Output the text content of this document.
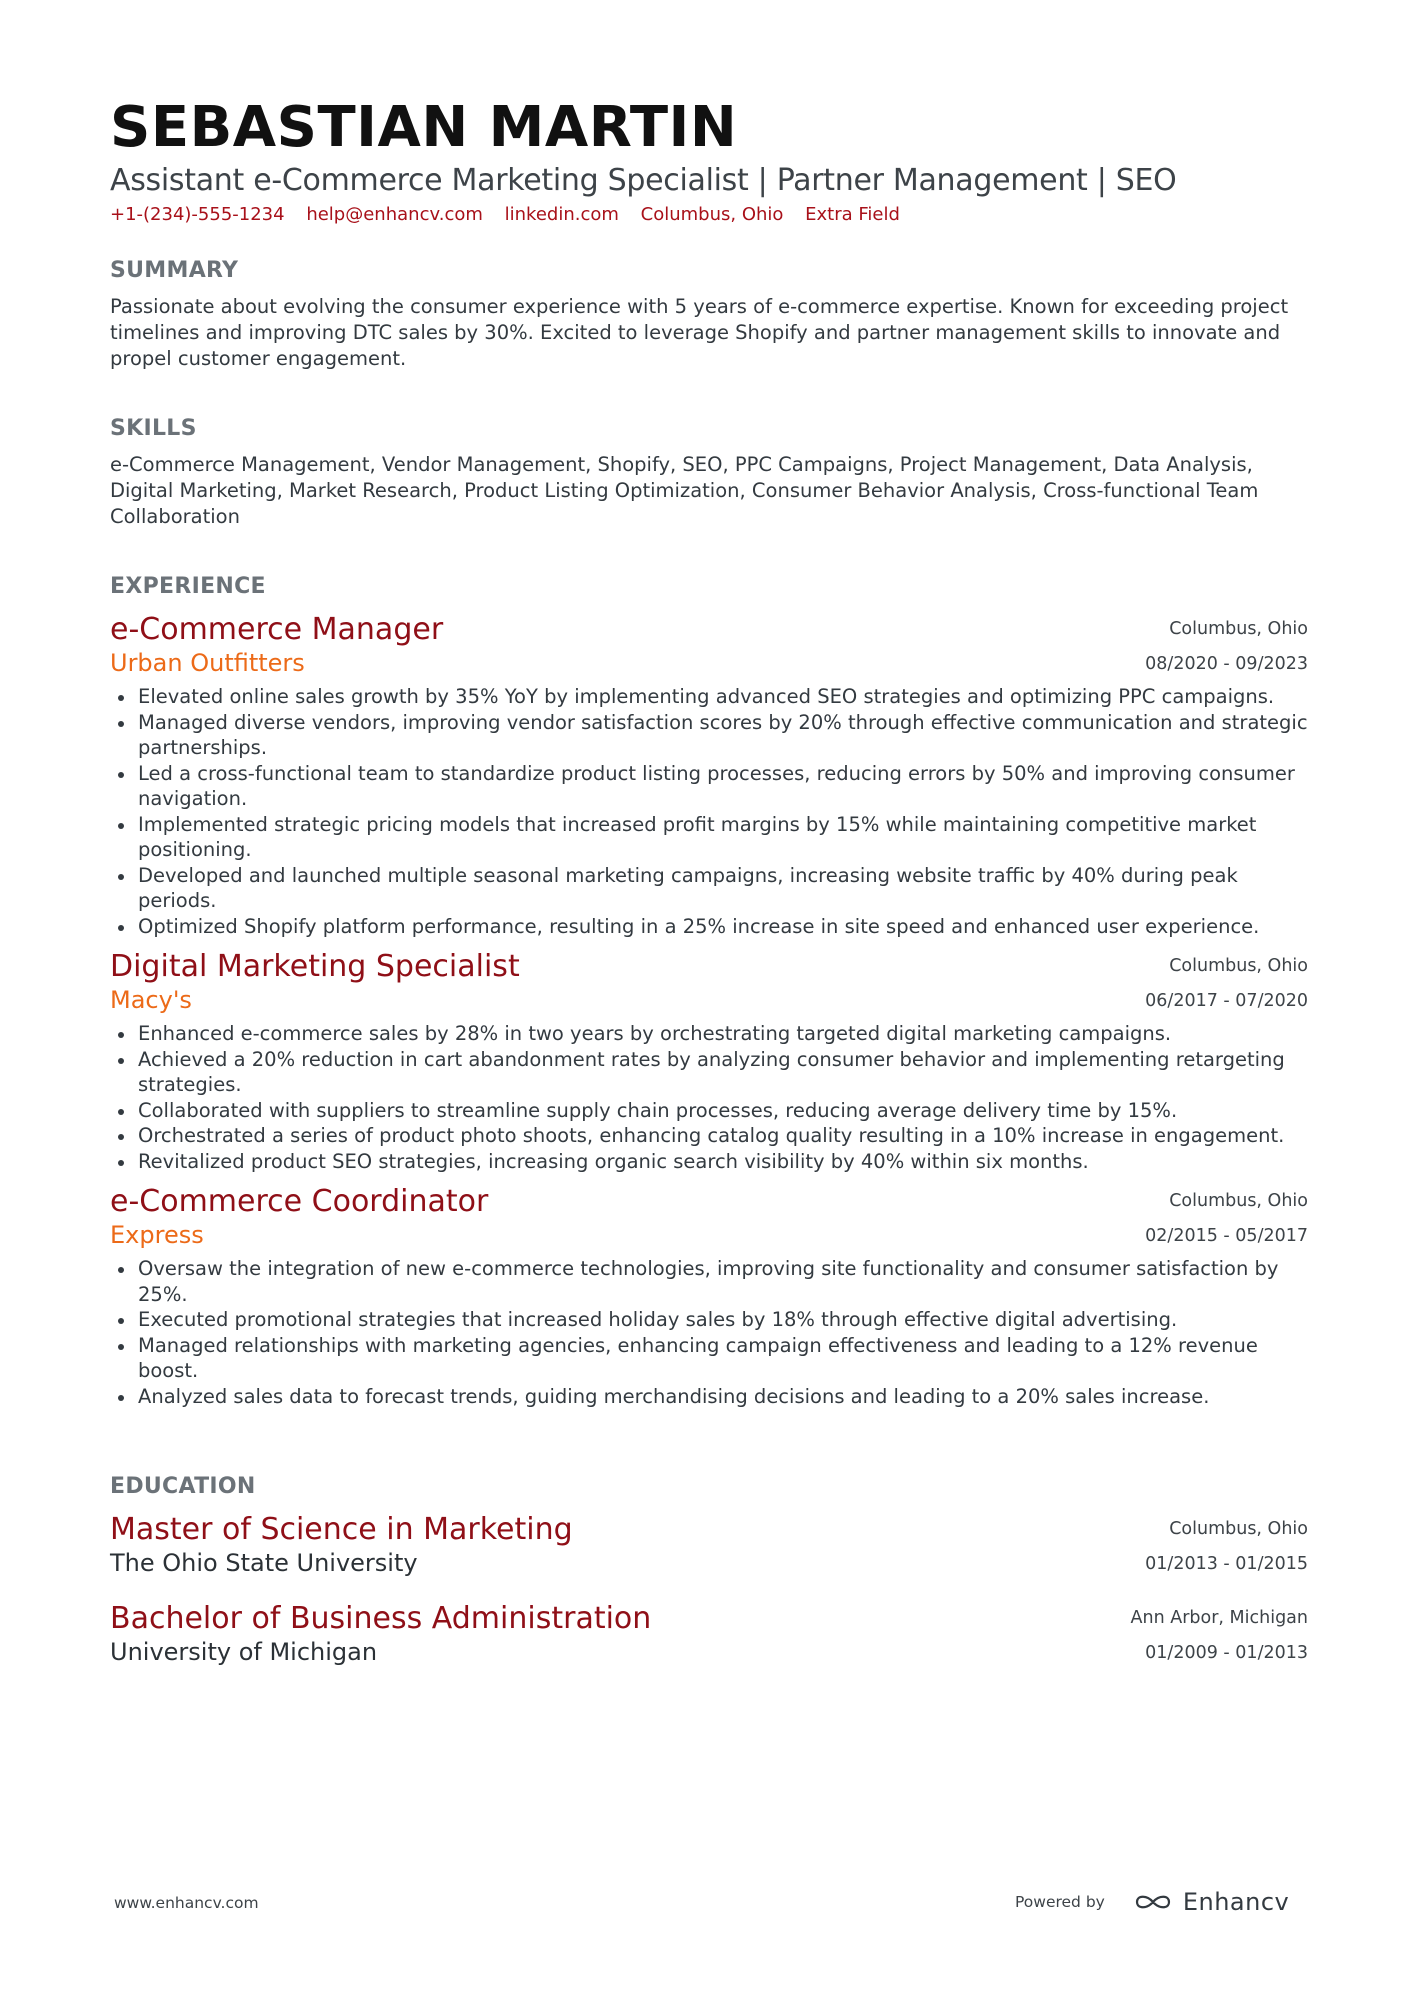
SEBASTIAN MARTIN
Assistant e-Commerce Marketing Specialist | Partner Management | SEO
+1-(234)-555-1234 help@enhancv.com linkedin.com Columbus, Ohio Extra Field
SUMMARY
Passionate about evolving the consumer experience with 5 years of e-commerce expertise. Known for exceeding project timelines and improving DTC sales by 30%. Excited to leverage Shopify and partner management skills to innovate and propel customer engagement.
SKILLS
e-Commerce Management, Vendor Management, Shopify, SEO, PPC Campaigns, Project Management, Data Analysis, Digital Marketing, Market Research, Product Listing Optimization, Consumer Behavior Analysis, Cross-functional Team Collaboration
EXPERIENCE
e-Commerce Manager
Urban Outfitters
Columbus, Ohio
08/2020 - 09/2023
Elevated online sales growth by 35% YoY by implementing advanced SEO strategies and optimizing PPC campaigns.
Managed diverse vendors, improving vendor satisfaction scores by 20% through effective communication and strategic partnerships.
Led a cross-functional team to standardize product listing processes, reducing errors by 50% and improving consumer navigation.
Implemented strategic pricing models that increased profit margins by 15% while maintaining competitive market positioning.
Developed and launched multiple seasonal marketing campaigns, increasing website traffic by 40% during peak periods.
Optimized Shopify platform performance, resulting in a 25% increase in site speed and enhanced user experience.
Digital Marketing Specialist
Macy's
Columbus, Ohio
06/2017 - 07/2020
Enhanced e-commerce sales by 28% in two years by orchestrating targeted digital marketing campaigns.
Achieved a 20% reduction in cart abandonment rates by analyzing consumer behavior and implementing retargeting strategies.
Collaborated with suppliers to streamline supply chain processes, reducing average delivery time by 15%.
Orchestrated a series of product photo shoots, enhancing catalog quality resulting in a 10% increase in engagement.
Revitalized product SEO strategies, increasing organic search visibility by 40% within six months.
e-Commerce Coordinator
Express
Columbus, Ohio
02/2015 - 05/2017
Oversaw the integration of new e-commerce technologies, improving site functionality and consumer satisfaction by 25%.
Executed promotional strategies that increased holiday sales by 18% through effective digital advertising.
Managed relationships with marketing agencies, enhancing campaign effectiveness and leading to a 12% revenue boost.
Analyzed sales data to forecast trends, guiding merchandising decisions and leading to a 20% sales increase.
EDUCATION
Master of Science in Marketing
The Ohio State University
Columbus, Ohio
01/2013 - 01/2015
Bachelor of Business Administration
University of Michigan
Ann Arbor, Michigan
01/2009 - 01/2013
www.enhancv.com	Powered by	Enhancv
